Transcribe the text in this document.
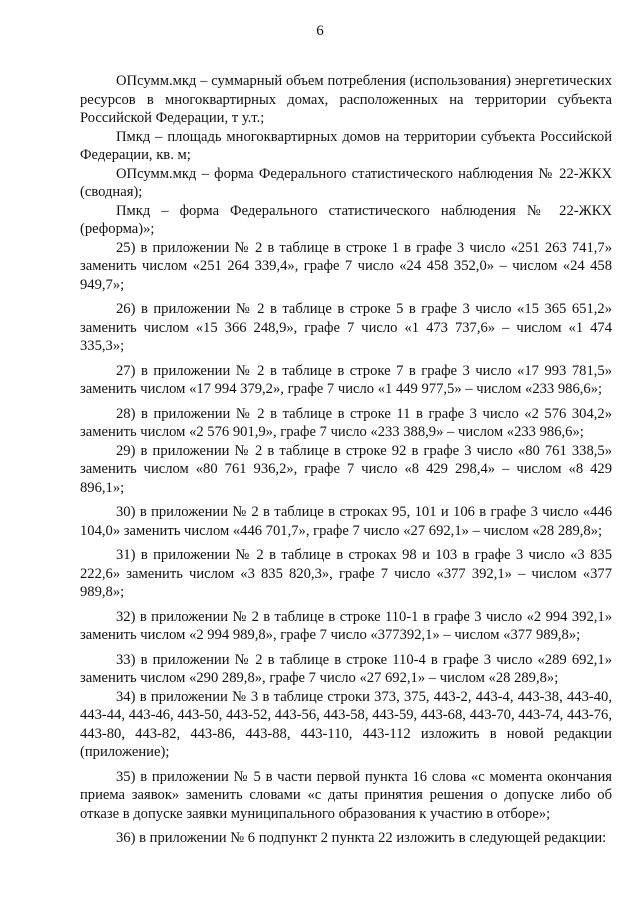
6

ОПсумм.мкд – суммарный объем потребления (использования) энергетических ресурсов в многоквартирных домах, расположенных на территории субъекта Российской Федерации, т у.т.;

Пмкд – площадь многоквартирных домов на территории субъекта Российской Федерации, кв. м;

ОПсумм.мкд – форма Федерального статистического наблюдения № 22-ЖКХ (сводная);

Пмкд – форма Федерального статистического наблюдения № 22-ЖКХ (реформа)»;

25) в приложении № 2 в таблице в строке 1 в графе 3 число «251 263 741,7» заменить числом «251 264 339,4», графе 7 число «24 458 352,0» – числом «24 458 949,7»;

26) в приложении № 2 в таблице в строке 5 в графе 3 число «15 365 651,2» заменить числом «15 366 248,9», графе 7 число «1 473 737,6» – числом «1 474 335,3»;

27) в приложении № 2 в таблице в строке 7 в графе 3 число «17 993 781,5» заменить числом «17 994 379,2», графе 7 число «1 449 977,5» – числом «233 986,6»;

28) в приложении № 2 в таблице в строке 11 в графе 3 число «2 576 304,2» заменить числом «2 576 901,9», графе 7 число «233 388,9» – числом «233 986,6»;

29) в приложении № 2 в таблице в строке 92 в графе 3 число «80 761 338,5» заменить числом «80 761 936,2», графе 7 число «8 429 298,4» – числом «8 429 896,1»;

30) в приложении № 2 в таблице в строках 95, 101 и 106 в графе 3 число «446 104,0» заменить числом «446 701,7», графе 7 число «27 692,1» – числом «28 289,8»;

31) в приложении № 2 в таблице в строках 98 и 103 в графе 3 число «3 835 222,6» заменить числом «3 835 820,3», графе 7 число «377 392,1» – числом «377 989,8»;

32) в приложении № 2 в таблице в строке 110-1 в графе 3 число «2 994 392,1» заменить числом «2 994 989,8», графе 7 число «377392,1» – числом «377 989,8»;

33) в приложении № 2 в таблице в строке 110-4 в графе 3 число «289 692,1» заменить числом «290 289,8», графе 7 число «27 692,1» – числом «28 289,8»;

34) в приложении № 3 в таблице строки 373, 375, 443-2, 443-4, 443-38, 443-40, 443-44, 443-46, 443-50, 443-52, 443-56, 443-58, 443-59, 443-68, 443-70, 443-74, 443-76, 443-80, 443-82, 443-86, 443-88, 443-110, 443-112 изложить в новой редакции (приложение);

35) в приложении № 5 в части первой пункта 16 слова «с момента окончания приема заявок» заменить словами «с даты принятия решения о допуске либо об отказе в допуске заявки муниципального образования к участию в отборе»;

36) в приложении № 6 подпункт 2 пункта 22 изложить в следующей редакции:
